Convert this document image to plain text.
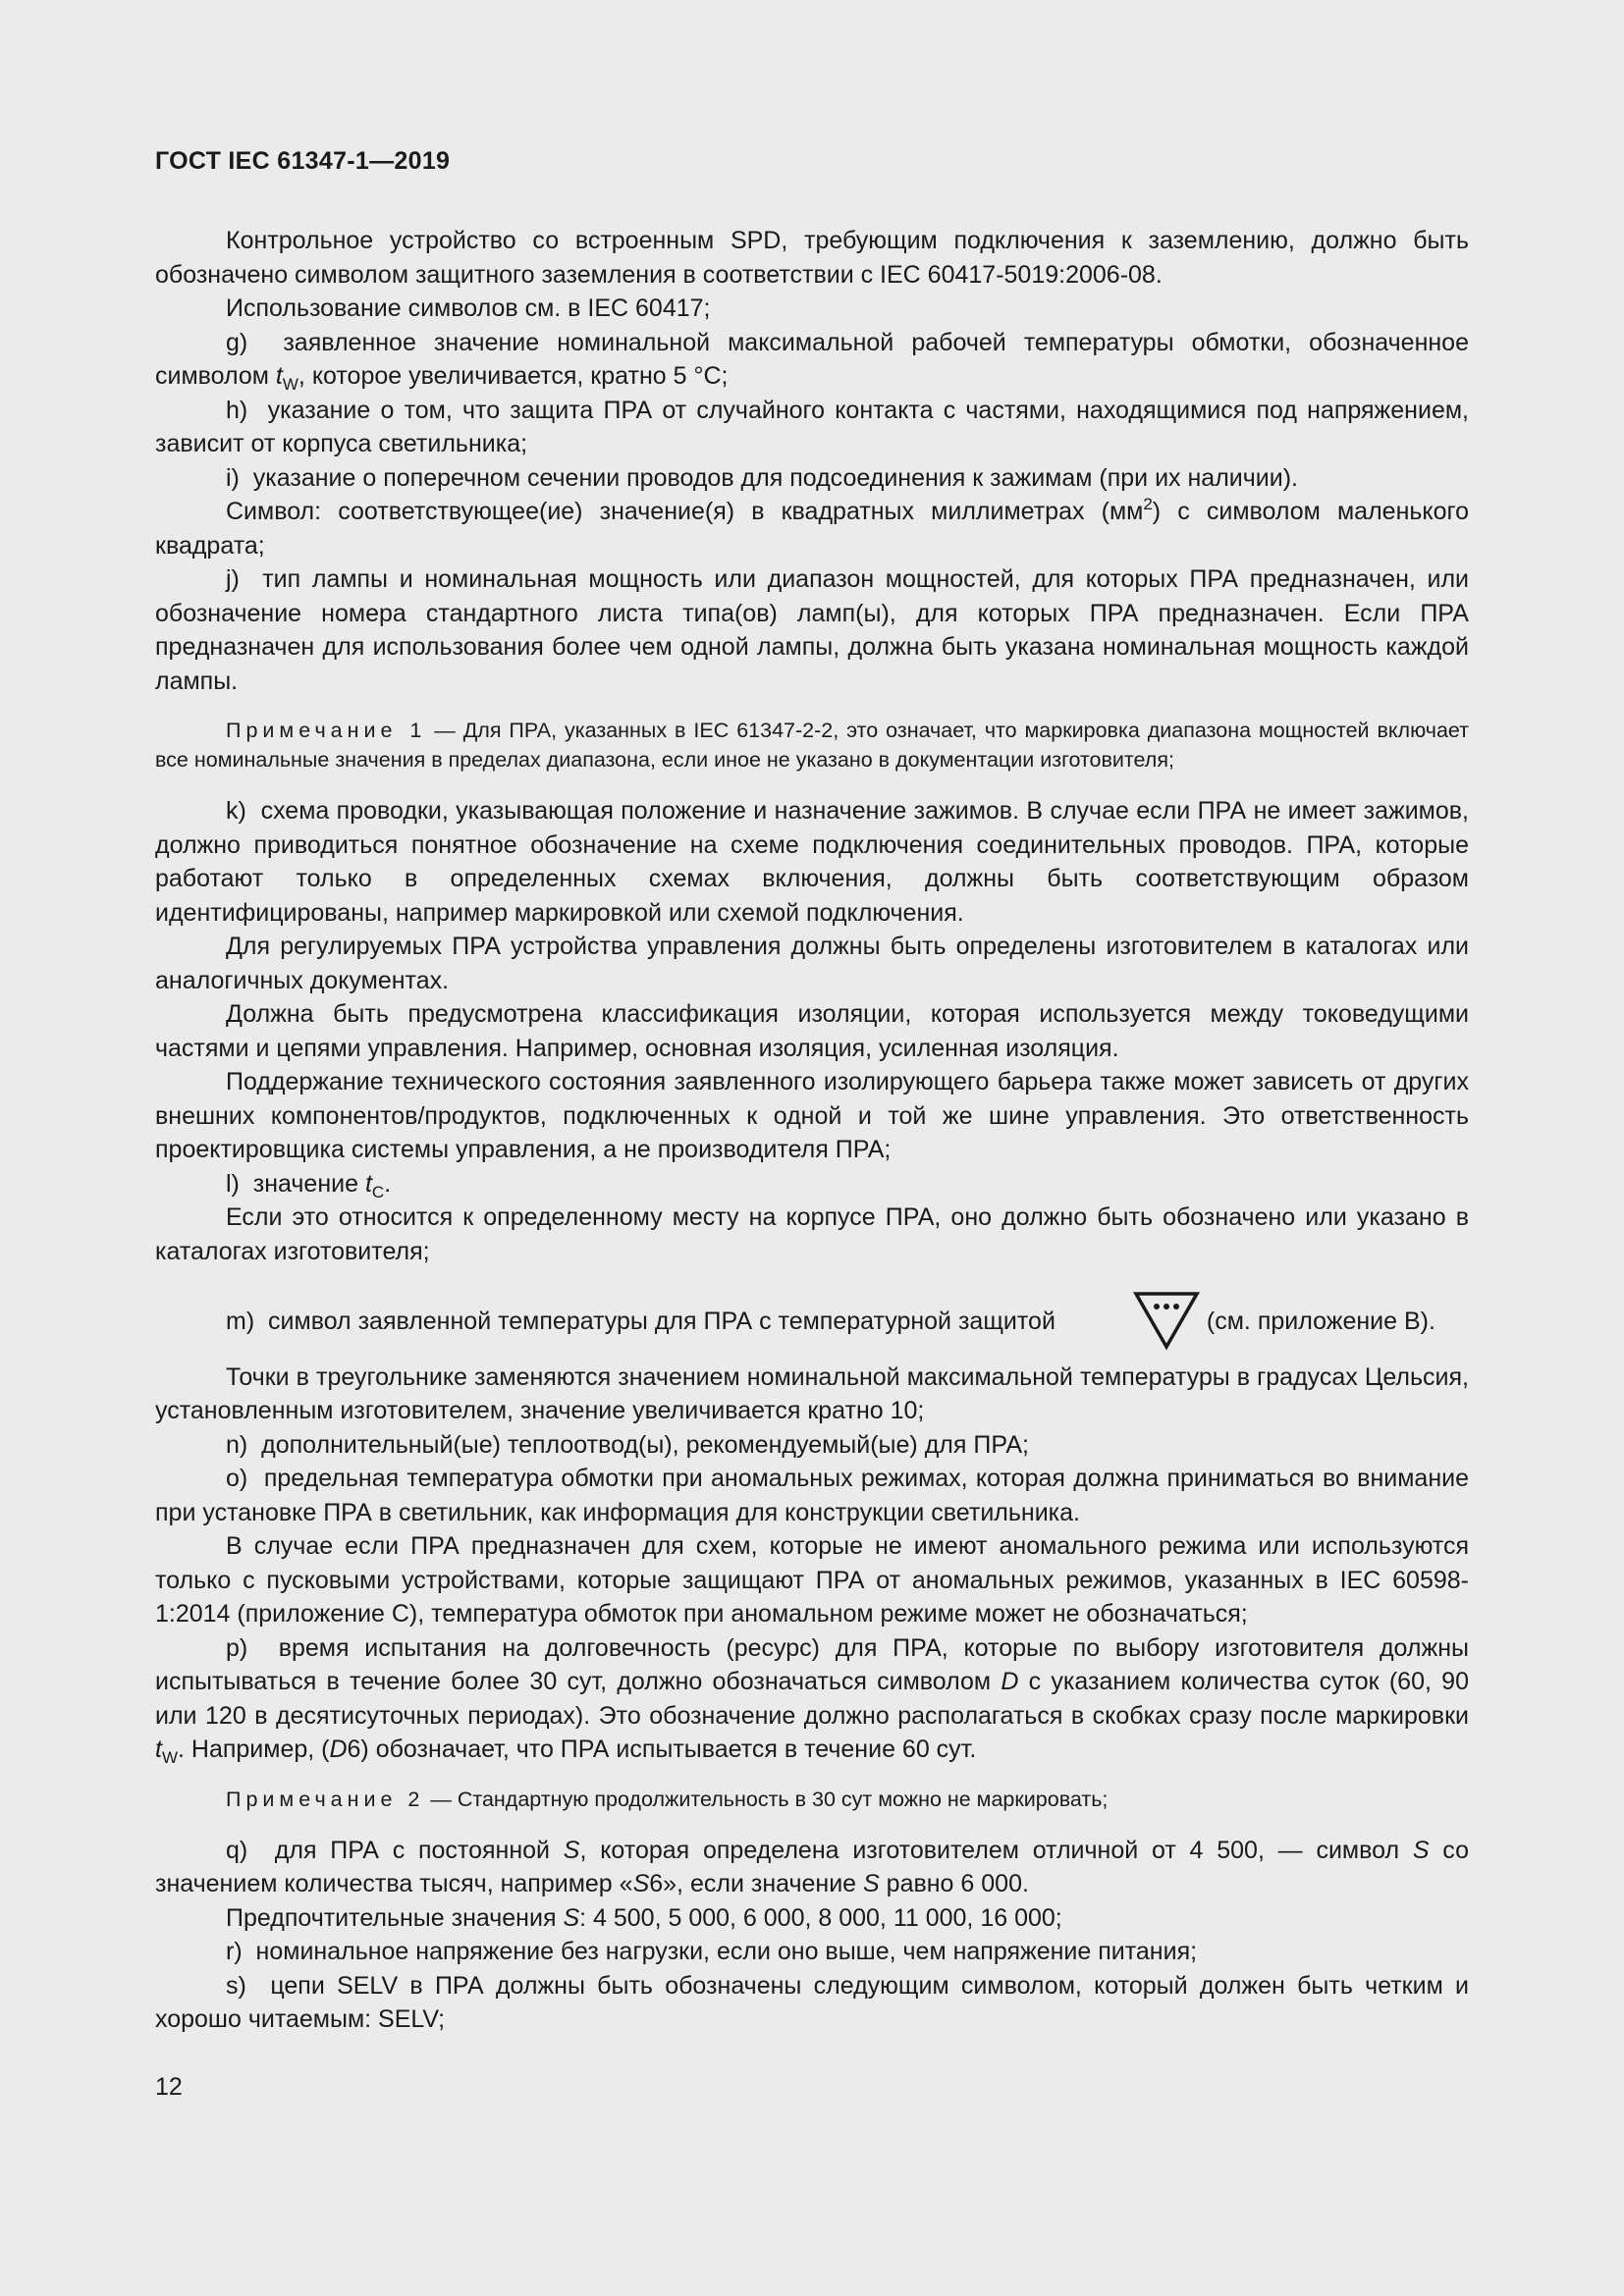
ГОСТ IEC 61347-1—2019

Контрольное устройство со встроенным SPD, требующим подключения к заземлению, должно быть обозначено символом защитного заземления в соответствии с IEC 60417-5019:2006-08.

Использование символов см. в IEC 60417;

g)  заявленное значение номинальной максимальной рабочей температуры обмотки, обозначенное символом $t_W$, которое увеличивается, кратно 5 °С;

h)  указание о том, что защита ПРА от случайного контакта с частями, находящимися под напряжением, зависит от корпуса светильника;

i)  указание о поперечном сечении проводов для подсоединения к зажимам (при их наличии).

Символ: соответствующее(ие) значение(я) в квадратных миллиметрах $(мм^2)$ с символом маленького квадрата;

j)  тип лампы и номинальная мощность или диапазон мощностей, для которых ПРА предназначен, или обозначение номера стандартного листа типа(ов) ламп(ы), для которых ПРА предназначен. Если ПРА предназначен для использования более чем одной лампы, должна быть указана номинальная мощность каждой лампы.

Примечание 1 — Для ПРА, указанных в IEC 61347-2-2, это означает, что маркировка диапазона мощностей включает все номинальные значения в пределах диапазона, если иное не указано в документации изготовителя;

k)  схема проводки, указывающая положение и назначение зажимов. В случае если ПРА не имеет зажимов, должно приводиться понятное обозначение на схеме подключения соединительных проводов. ПРА, которые работают только в определенных схемах включения, должны быть соответствующим образом идентифицированы, например маркировкой или схемой подключения.

Для регулируемых ПРА устройства управления должны быть определены изготовителем в каталогах или аналогичных документах.

Должна быть предусмотрена классификация изоляции, которая используется между токоведущими частями и цепями управления. Например, основная изоляция, усиленная изоляция.

Поддержание технического состояния заявленного изолирующего барьера также может зависеть от других внешних компонентов/продуктов, подключенных к одной и той же шине управления. Это ответственность проектировщика системы управления, а не производителя ПРА;

l)  значение $t_C$.

Если это относится к определенному месту на корпусе ПРА, оно должно быть обозначено или указано в каталогах изготовителя;

m)  символ заявленной температуры для ПРА с температурной защитой	(см. приложение В).

Точки в треугольнике заменяются значением номинальной максимальной температуры в градусах Цельсия, установленным изготовителем, значение увеличивается кратно 10;

n)  дополнительный(ые) теплоотвод(ы), рекомендуемый(ые) для ПРА;

o)  предельная температура обмотки при аномальных режимах, которая должна приниматься во внимание при установке ПРА в светильник, как информация для конструкции светильника.

В случае если ПРА предназначен для схем, которые не имеют аномального режима или используются только с пусковыми устройствами, которые защищают ПРА от аномальных режимов, указанных в IEC 60598-1:2014 (приложение С), температура обмоток при аномальном режиме может не обозначаться;

p)  время испытания на долговечность (ресурс) для ПРА, которые по выбору изготовителя должны испытываться в течение более 30 сут, должно обозначаться символом D с указанием количества суток (60, 90 или 120 в десятисуточных периодах). Это обозначение должно располагаться в скобках сразу после маркировки $t_W$. Например, (D6) обозначает, что ПРА испытывается в течение 60 сут.

Примечание 2 — Стандартную продолжительность в 30 сут можно не маркировать;

q)  для ПРА с постоянной S, которая определена изготовителем отличной от 4 500, — символ S со значением количества тысяч, например «S6», если значение S равно 6 000.

Предпочтительные значения S: 4 500, 5 000, 6 000, 8 000, 11 000, 16 000;

r)  номинальное напряжение без нагрузки, если оно выше, чем напряжение питания;

s)  цепи SELV в ПРА должны быть обозначены следующим символом, который должен быть четким и хорошо читаемым: SELV;

12
